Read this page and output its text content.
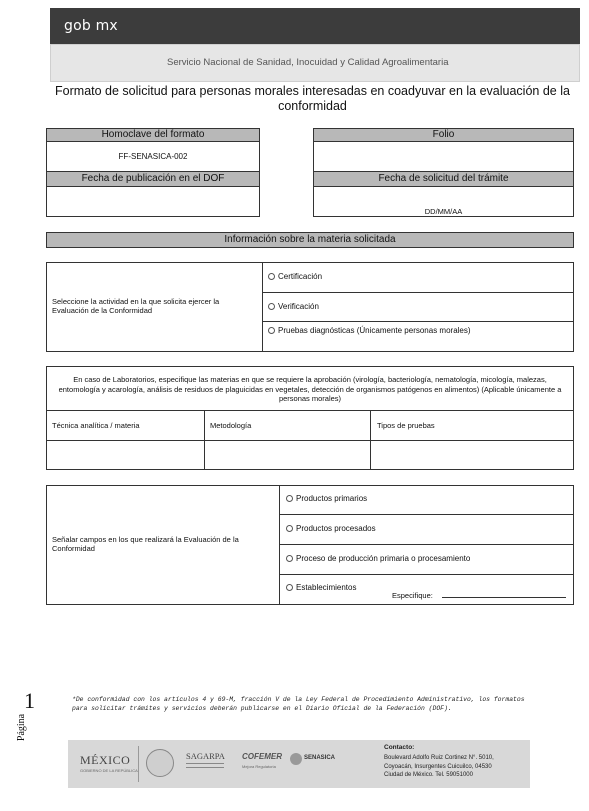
gob mx
Servicio Nacional de Sanidad, Inocuidad y Calidad Agroalimentaria
Formato de solicitud para personas morales interesadas en coadyuvar en la evaluación de la conformidad
Homoclave del formato
FF-SENASICA-002
Fecha de publicación en el DOF
Folio
Fecha de solicitud del trámite
DD/MM/AA
Información sobre la materia solicitada
Seleccione la actividad en la que solicita ejercer la Evaluación de la Conformidad
Certificación
Verificación
Pruebas diagnósticas (Únicamente personas morales)
En caso de Laboratorios, especifique las materias en que se requiere la aprobación (virología, bacteriología, nematología, micología, malezas, entomología y acarología, análisis de residuos de plaguicidas en vegetales, detección de organismos patógenos en alimentos) (Aplicable únicamente a personas morales)
Técnica analítica / materia	Metodología	Tipos de pruebas
Señalar campos en los que realizará la Evaluación de la Conformidad
Productos primarios
Productos procesados
Proceso de producción primaria o procesamiento
Establecimientos
Especifique:
Página
1	*De conformidad con los artículos 4 y 69-M, fracción V de la Ley Federal de Procedimiento Administrativo, los formatos para solicitar trámites y servicios deberán publicarse en el Diario Oficial de la Federación (DOF).
MÉXICO
GOBIERNO DE LA REPÚBLICA
SAGARPA COFEMER
Mejora Regulatoria
SENASICA
Contacto:
Boulevard Adolfo Ruiz Cortinez N°. 5010,
Coyoacán, Insurgentes Cuicuilco, 04530
Ciudad de México. Tel. 59051000
